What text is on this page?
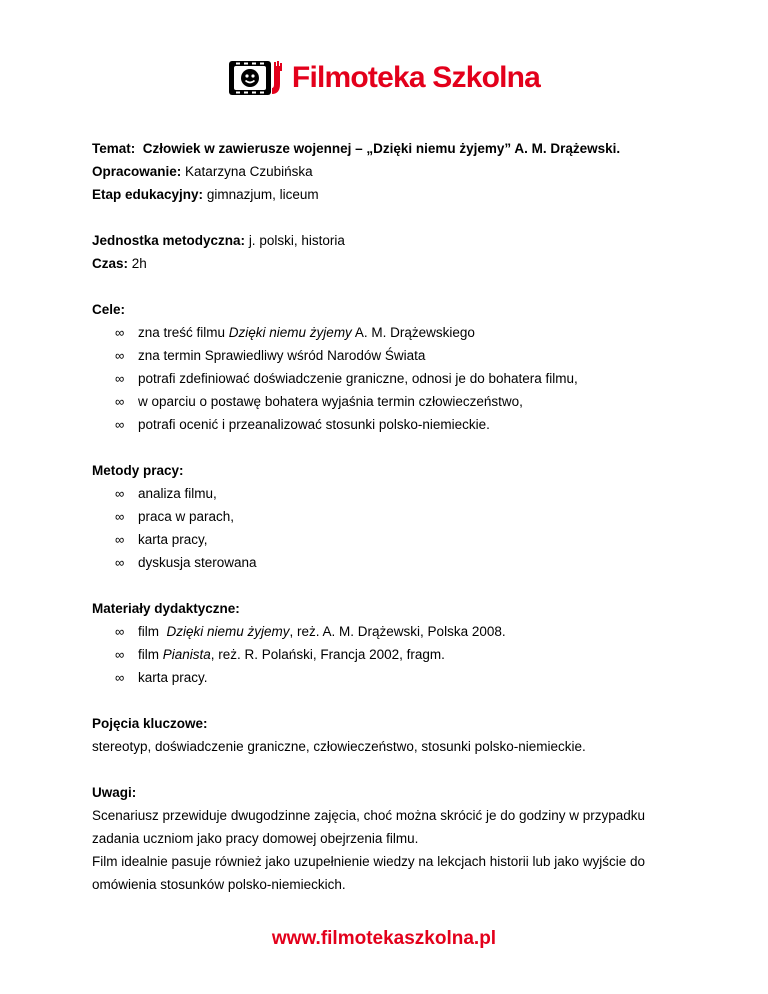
Filmoteka Szkolna
Temat: Człowiek w zawierusze wojennej – „Dzięki niemu żyjemy” A. M. Drążewski.
Opracowanie: Katarzyna Czubińska
Etap edukacyjny: gimnazjum, liceum
Jednostka metodyczna: j. polski, historia
Czas: 2h
Cele:
∞ zna treść filmu Dzięki niemu żyjemy A. M. Drążewskiego
∞ zna termin Sprawiedliwy wśród Narodów Świata
∞ potrafi zdefiniować doświadczenie graniczne, odnosi je do bohatera filmu,
∞ w oparciu o postawę bohatera wyjaśnia termin człowieczeństwo,
∞ potrafi ocenić i przeanalizować stosunki polsko-niemieckie.
Metody pracy:
∞ analiza filmu,
∞ praca w parach,
∞ karta pracy,
∞ dyskusja sterowana
Materiały dydaktyczne:
∞ film  Dzięki niemu żyjemy, reż. A. M. Drążewski, Polska 2008.
∞ film Pianista, reż. R. Polański, Francja 2002, fragm.
∞ karta pracy.
Pojęcia kluczowe:
stereotyp, doświadczenie graniczne, człowieczeństwo, stosunki polsko-niemieckie.
Uwagi:
Scenariusz przewiduje dwugodzinne zajęcia, choć można skrócić je do godziny w przypadku
zadania uczniom jako pracy domowej obejrzenia filmu.
Film idealnie pasuje również jako uzupełnienie wiedzy na lekcjach historii lub jako wyjście do
omówienia stosunków polsko-niemieckich.
www.filmotekaszkolna.pl
